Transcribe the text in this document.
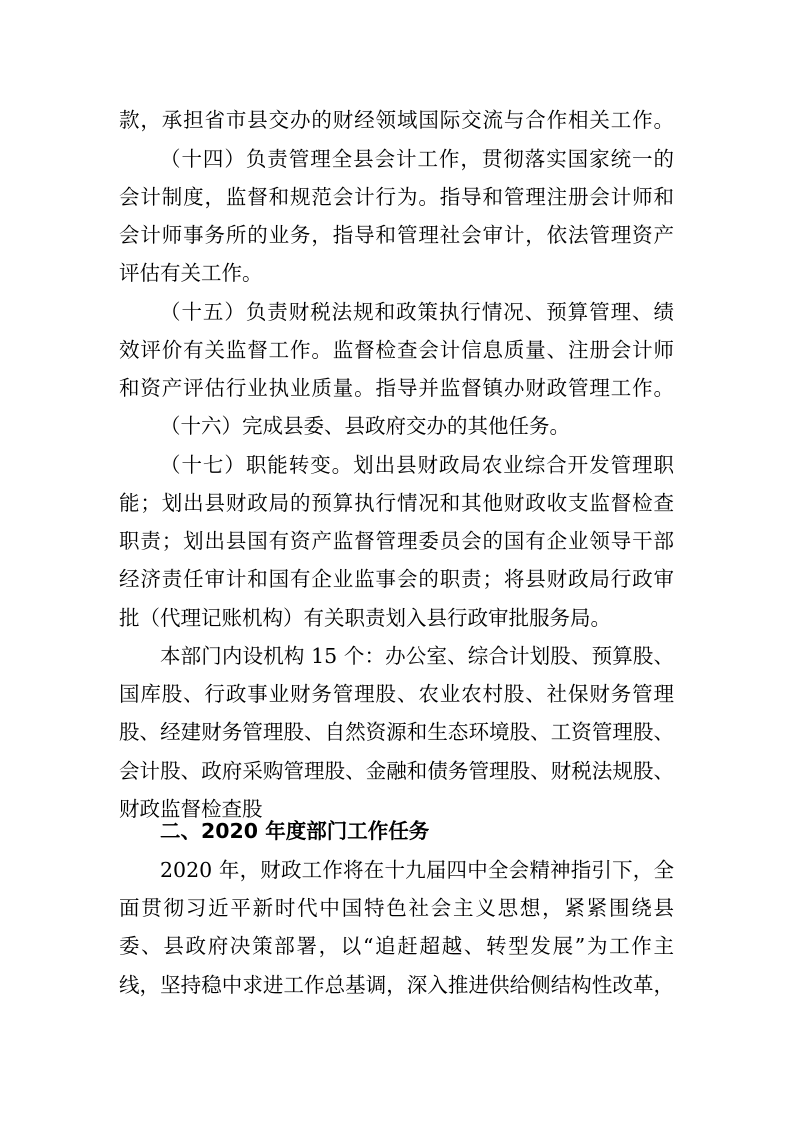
款，承担省市县交办的财经领域国际交流与合作相关工作。
（十四）负责管理全县会计工作，贯彻落实国家统一的
会计制度，监督和规范会计行为。指导和管理注册会计师和
会计师事务所的业务，指导和管理社会审计，依法管理资产
评估有关工作。
（十五）负责财税法规和政策执行情况、预算管理、绩
效评价有关监督工作。监督检查会计信息质量、注册会计师
和资产评估行业执业质量。指导并监督镇办财政管理工作。
（十六）完成县委、县政府交办的其他任务。
（十七）职能转变。划出县财政局农业综合开发管理职
能；划出县财政局的预算执行情况和其他财政收支监督检查
职责；划出县国有资产监督管理委员会的国有企业领导干部
经济责任审计和国有企业监事会的职责；将县财政局行政审
批（代理记账机构）有关职责划入县行政审批服务局。
本部门内设机构 15 个：办公室、综合计划股、预算股、
国库股、行政事业财务管理股、农业农村股、社保财务管理
股、经建财务管理股、自然资源和生态环境股、工资管理股、
会计股、政府采购管理股、金融和债务管理股、财税法规股、
财政监督检查股
二、2020 年度部门工作任务
2020 年，财政工作将在十九届四中全会精神指引下，全
面贯彻习近平新时代中国特色社会主义思想，紧紧围绕县
委、县政府决策部署，以“追赶超越、转型发展”为工作主
线，坚持稳中求进工作总基调，深入推进供给侧结构性改革，
